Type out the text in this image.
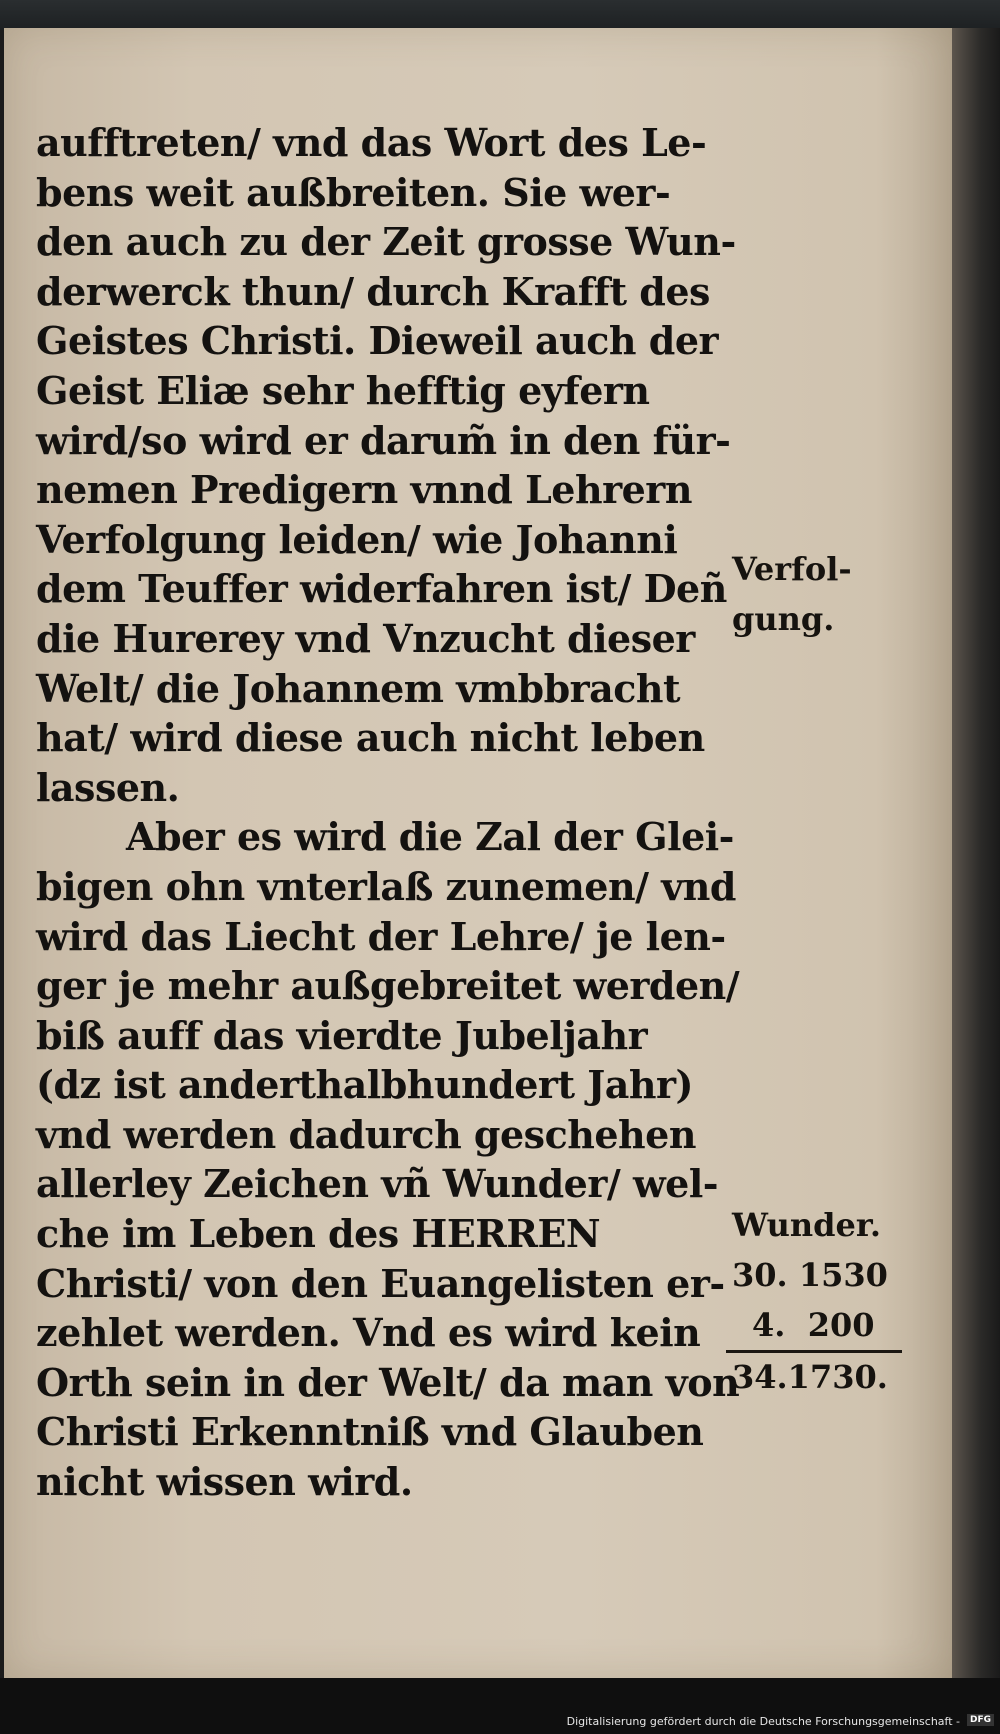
aufftreten/ vnd das Wort des Le-
bens weit außbreiten. Sie wer-
den auch zu der Zeit grosse Wun-
derwerck thun/ durch Krafft des
Geistes Christi. Dieweil auch der
Geist Eliæ sehr hefftig eyfern
wird/so wird er darum̃ in den für-
nemen Predigern vnnd Lehrern
Verfolgung leiden/ wie Johanni
dem Teuffer widerfahren ist/ Deñ
die Hurerey vnd Vnzucht dieser
Welt/ die Johannem vmbbracht
hat/ wird diese auch nicht leben
lassen.
Aber es wird die Zal der Glei-
bigen ohn vnterlaß zunemen/ vnd
wird das Liecht der Lehre/ je len-
ger je mehr außgebreitet werden/
biß auff das vierdte Jubeljahr
(dz ist anderthalbhundert Jahr)
vnd werden dadurch geschehen
allerley Zeichen vñ Wunder/ wel-
che im Leben des HERREN
Christi/ von den Euangelisten er-
zehlet werden. Vnd es wird kein
Orth sein in der Welt/ da man von
Christi Erkenntniß vnd Glauben
nicht wissen wird.
Verfol-
gung.
Wunder.
30. 1530
4.  200
34.1730.
Digitalisierung gefördert durch die Deutsche Forschungsgemeinschaft -	DFG
